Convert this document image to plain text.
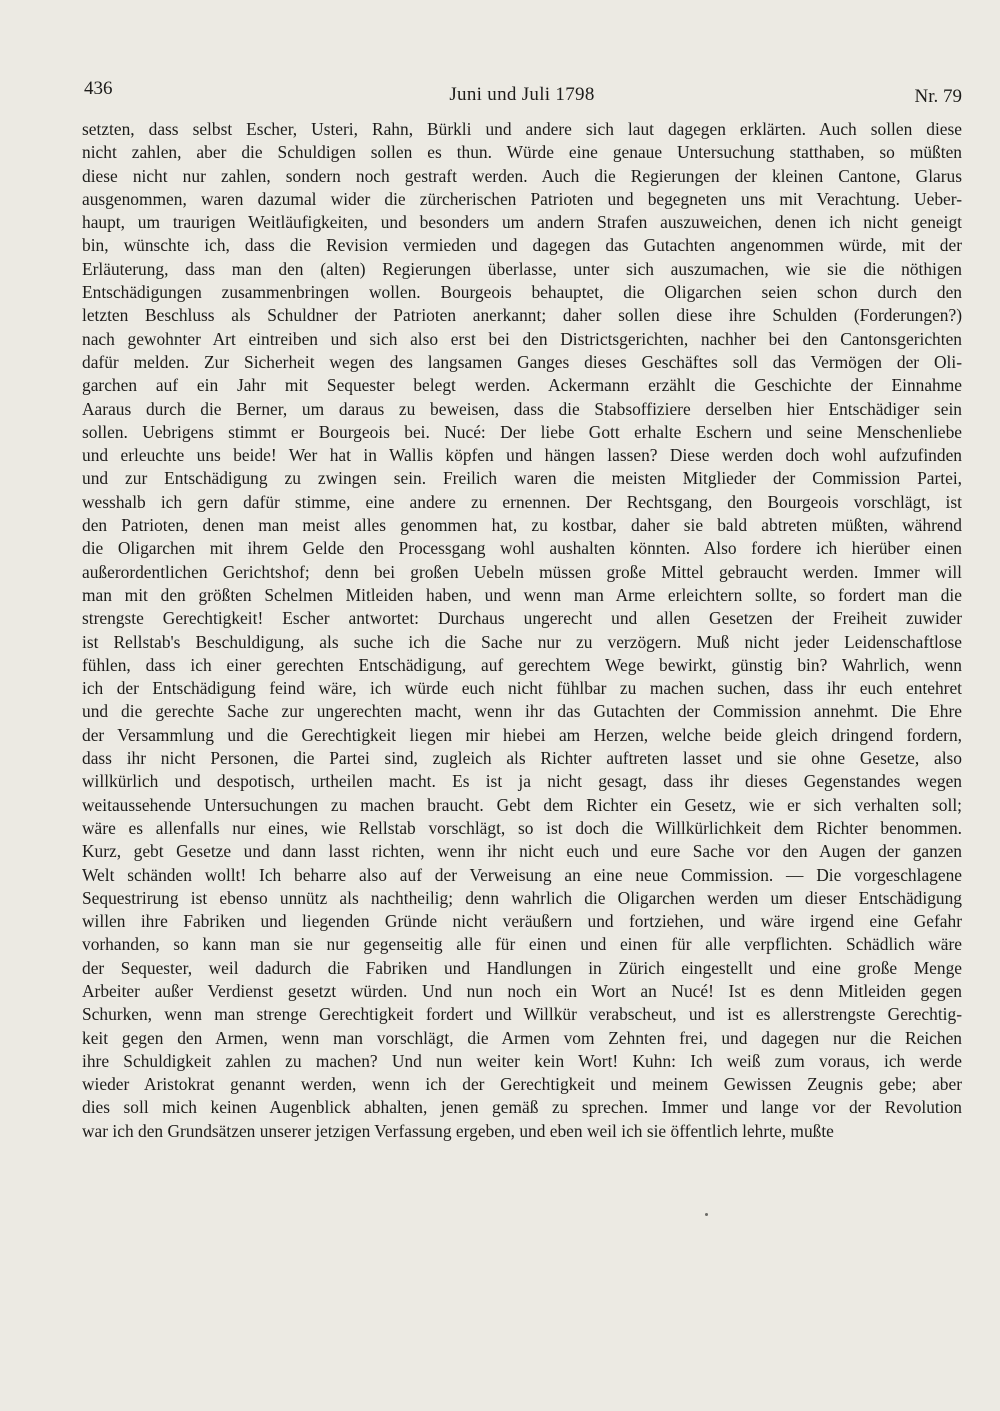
436	Juni und Juli 1798	Nr. 79
setzten, dass selbst Escher, Usteri, Rahn, Bürkli und andere sich laut dagegen erklärten. Auch sollen diese
nicht zahlen, aber die Schuldigen sollen es thun. Würde eine genaue Untersuchung statthaben, so müßten
diese nicht nur zahlen, sondern noch gestraft werden. Auch die Regierungen der kleinen Cantone, Glarus
ausgenommen, waren dazumal wider die zürcherischen Patrioten und begegneten uns mit Verachtung. Ueber-
haupt, um traurigen Weitläufigkeiten, und besonders um andern Strafen auszuweichen, denen ich nicht geneigt
bin, wünschte ich, dass die Revision vermieden und dagegen das Gutachten angenommen würde, mit der
Erläuterung, dass man den (alten) Regierungen überlasse, unter sich auszumachen, wie sie die nöthigen
Entschädigungen zusammenbringen wollen. Bourgeois behauptet, die Oligarchen seien schon durch den
letzten Beschluss als Schuldner der Patrioten anerkannt; daher sollen diese ihre Schulden (Forderungen?)
nach gewohnter Art eintreiben und sich also erst bei den Districtsgerichten, nachher bei den Cantonsgerichten
dafür melden. Zur Sicherheit wegen des langsamen Ganges dieses Geschäftes soll das Vermögen der Oli-
garchen auf ein Jahr mit Sequester belegt werden. Ackermann erzählt die Geschichte der Einnahme
Aaraus durch die Berner, um daraus zu beweisen, dass die Stabsoffiziere derselben hier Entschädiger sein
sollen. Uebrigens stimmt er Bourgeois bei. Nucé: Der liebe Gott erhalte Eschern und seine Menschenliebe
und erleuchte uns beide! Wer hat in Wallis köpfen und hängen lassen? Diese werden doch wohl aufzufinden
und zur Entschädigung zu zwingen sein. Freilich waren die meisten Mitglieder der Commission Partei,
wesshalb ich gern dafür stimme, eine andere zu ernennen. Der Rechtsgang, den Bourgeois vorschlägt, ist
den Patrioten, denen man meist alles genommen hat, zu kostbar, daher sie bald abtreten müßten, während
die Oligarchen mit ihrem Gelde den Processgang wohl aushalten könnten. Also fordere ich hierüber einen
außerordentlichen Gerichtshof; denn bei großen Uebeln müssen große Mittel gebraucht werden. Immer will
man mit den größten Schelmen Mitleiden haben, und wenn man Arme erleichtern sollte, so fordert man die
strengste Gerechtigkeit! Escher antwortet: Durchaus ungerecht und allen Gesetzen der Freiheit zuwider
ist Rellstab's Beschuldigung, als suche ich die Sache nur zu verzögern. Muß nicht jeder Leidenschaftlose
fühlen, dass ich einer gerechten Entschädigung, auf gerechtem Wege bewirkt, günstig bin? Wahrlich, wenn
ich der Entschädigung feind wäre, ich würde euch nicht fühlbar zu machen suchen, dass ihr euch entehret
und die gerechte Sache zur ungerechten macht, wenn ihr das Gutachten der Commission annehmt. Die Ehre
der Versammlung und die Gerechtigkeit liegen mir hiebei am Herzen, welche beide gleich dringend fordern,
dass ihr nicht Personen, die Partei sind, zugleich als Richter auftreten lasset und sie ohne Gesetze, also
willkürlich und despotisch, urtheilen macht. Es ist ja nicht gesagt, dass ihr dieses Gegenstandes wegen
weitaussehende Untersuchungen zu machen braucht. Gebt dem Richter ein Gesetz, wie er sich verhalten soll;
wäre es allenfalls nur eines, wie Rellstab vorschlägt, so ist doch die Willkürlichkeit dem Richter benommen.
Kurz, gebt Gesetze und dann lasst richten, wenn ihr nicht euch und eure Sache vor den Augen der ganzen
Welt schänden wollt! Ich beharre also auf der Verweisung an eine neue Commission. — Die vorgeschlagene
Sequestrirung ist ebenso unnütz als nachtheilig; denn wahrlich die Oligarchen werden um dieser Entschädigung
willen ihre Fabriken und liegenden Gründe nicht veräußern und fortziehen, und wäre irgend eine Gefahr
vorhanden, so kann man sie nur gegenseitig alle für einen und einen für alle verpflichten. Schädlich wäre
der Sequester, weil dadurch die Fabriken und Handlungen in Zürich eingestellt und eine große Menge
Arbeiter außer Verdienst gesetzt würden. Und nun noch ein Wort an Nucé! Ist es denn Mitleiden gegen
Schurken, wenn man strenge Gerechtigkeit fordert und Willkür verabscheut, und ist es allerstrengste Gerechtig-
keit gegen den Armen, wenn man vorschlägt, die Armen vom Zehnten frei, und dagegen nur die Reichen
ihre Schuldigkeit zahlen zu machen? Und nun weiter kein Wort! Kuhn: Ich weiß zum voraus, ich werde
wieder Aristokrat genannt werden, wenn ich der Gerechtigkeit und meinem Gewissen Zeugnis gebe; aber
dies soll mich keinen Augenblick abhalten, jenen gemäß zu sprechen. Immer und lange vor der Revolution
war ich den Grundsätzen unserer jetzigen Verfassung ergeben, und eben weil ich sie öffentlich lehrte, mußte
